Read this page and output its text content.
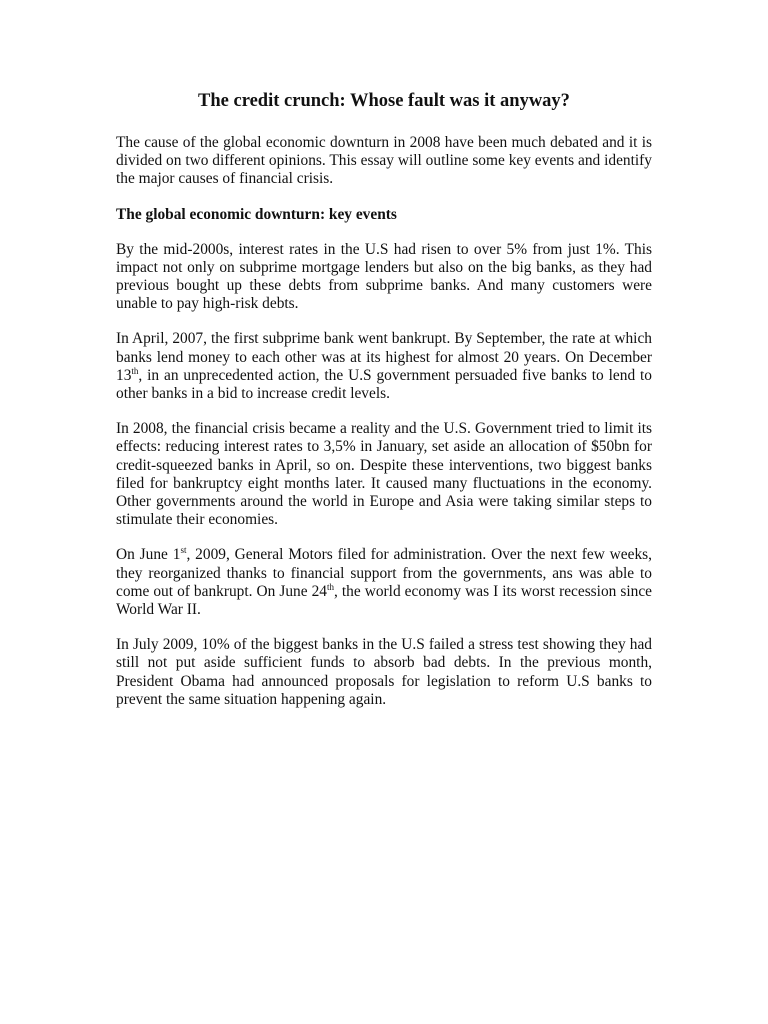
The credit crunch: Whose fault was it anyway?

The cause of the global economic downturn in 2008 have been much debated and it is divided on two different opinions. This essay will outline some key events and identify the major causes of financial crisis.

The global economic downturn: key events

By the mid-2000s, interest rates in the U.S had risen to over 5% from just 1%. This impact not only on subprime mortgage lenders but also on the big banks, as they had previous bought up these debts from subprime banks. And many customers were unable to pay high-risk debts.

In April, 2007, the first subprime bank went bankrupt. By September, the rate at which banks lend money to each other was at its highest for almost 20 years. On December 13th, in an unprecedented action, the U.S government persuaded five banks to lend to other banks in a bid to increase credit levels.

In 2008, the financial crisis became a reality and the U.S. Government tried to limit its effects: reducing interest rates to 3,5% in January, set aside an allocation of $50bn for credit-squeezed banks in April, so on. Despite these interventions, two biggest banks filed for bankruptcy eight months later. It caused many fluctuations in the economy. Other governments around the world in Europe and Asia were taking similar steps to stimulate their economies.

On June 1st, 2009, General Motors filed for administration. Over the next few weeks, they reorganized thanks to financial support from the governments, ans was able to come out of bankrupt. On June 24th, the world economy was I its worst recession since World War II.

In July 2009, 10% of the biggest banks in the U.S failed a stress test showing they had still not put aside sufficient funds to absorb bad debts. In the previous month, President Obama had announced proposals for legislation to reform U.S banks to prevent the same situation happening again.
